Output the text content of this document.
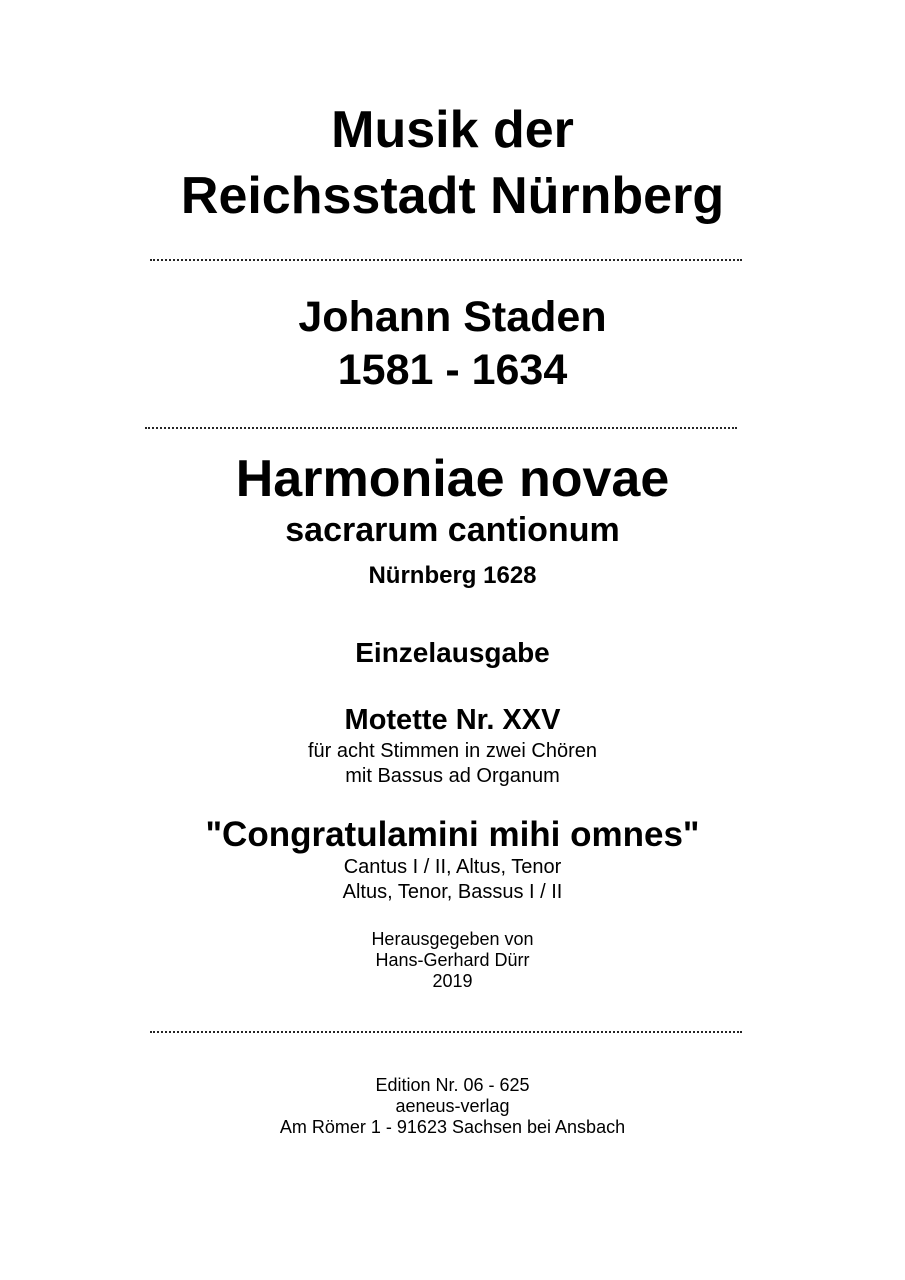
Musik der
Reichsstadt Nürnberg
Johann Staden
1581 - 1634
Harmoniae novae
sacrarum cantionum
Nürnberg 1628
Einzelausgabe
Motette Nr. XXV
für acht Stimmen in zwei Chören
mit Bassus ad Organum
"Congratulamini mihi omnes"
Cantus I / II, Altus, Tenor
Altus, Tenor, Bassus I / II
Herausgegeben von
Hans-Gerhard Dürr
2019
Edition Nr. 06 - 625
aeneus-verlag
Am Römer 1 - 91623 Sachsen bei Ansbach
